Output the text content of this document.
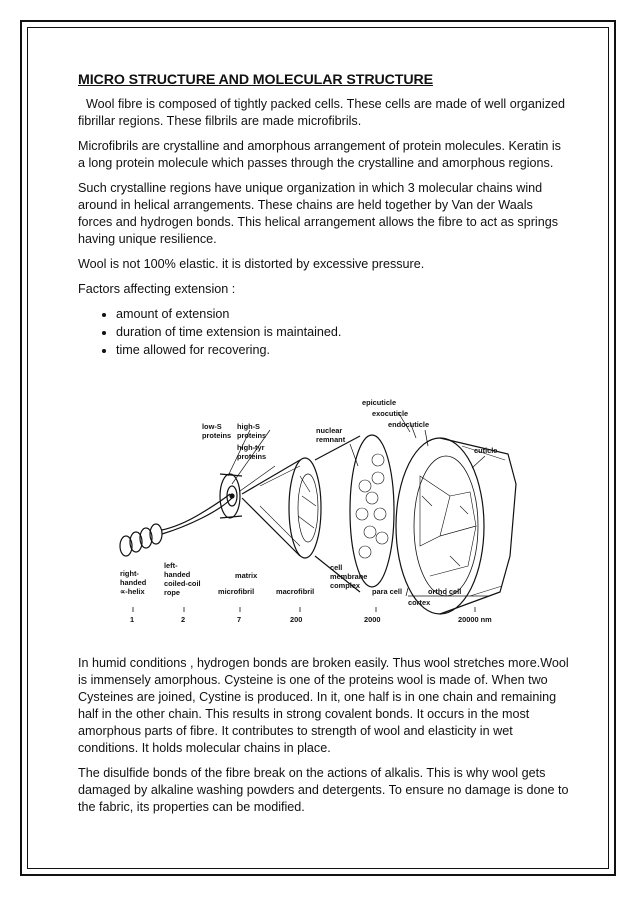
MICRO STRUCTURE AND MOLECULAR STRUCTURE

Wool fibre is composed of tightly packed cells. These cells are made of well organized fibrillar regions. These filbrils are made microfibrils.

Microfibrils are crystalline and amorphous arrangement of protein molecules. Keratin is a long protein molecule which passes through the crystalline and amorphous regions.

Such crystalline regions have unique organization in which 3 molecular chains wind around in helical arrangements. These chains are held together by Van der Waals forces and hydrogen bonds. This helical arrangement allows the fibre to act as springs having unique resilience.

Wool is not 100% elastic. it is distorted by excessive pressure.

Factors affecting extension :

• amount of extension
• duration of time extension is maintained.
• time allowed for recovering.
epicuticle
exocuticle
endocuticle
cuticle
low-S
proteins
high-S
proteins
high-tyr
proteins
nuclear
remnant
right-
handed
∝-helix
left-
handed
coiled-coil
rope
matrix
microfibril	macrofibril
cell
membrane
complex
para cell	ortho cell
cortex
1	2	7	200	2000	20000 nm

In humid conditions , hydrogen bonds are broken easily. Thus wool stretches more.Wool is immensely amorphous. Cysteine is one of the proteins wool is made of. When two Cysteines are joined, Cystine is produced. In it, one half is in one chain and remaining half in the other chain. This results in strong covalent bonds. It occurs in the most amorphous parts of fibre. It contributes to strength of wool and elasticity in wet conditions. It holds molecular chains in place.

The disulfide bonds of the fibre break on the actions of alkalis. This is why wool gets damaged by alkaline washing powders and detergents. To ensure no damage is done to the fabric, its properties can be modified.
